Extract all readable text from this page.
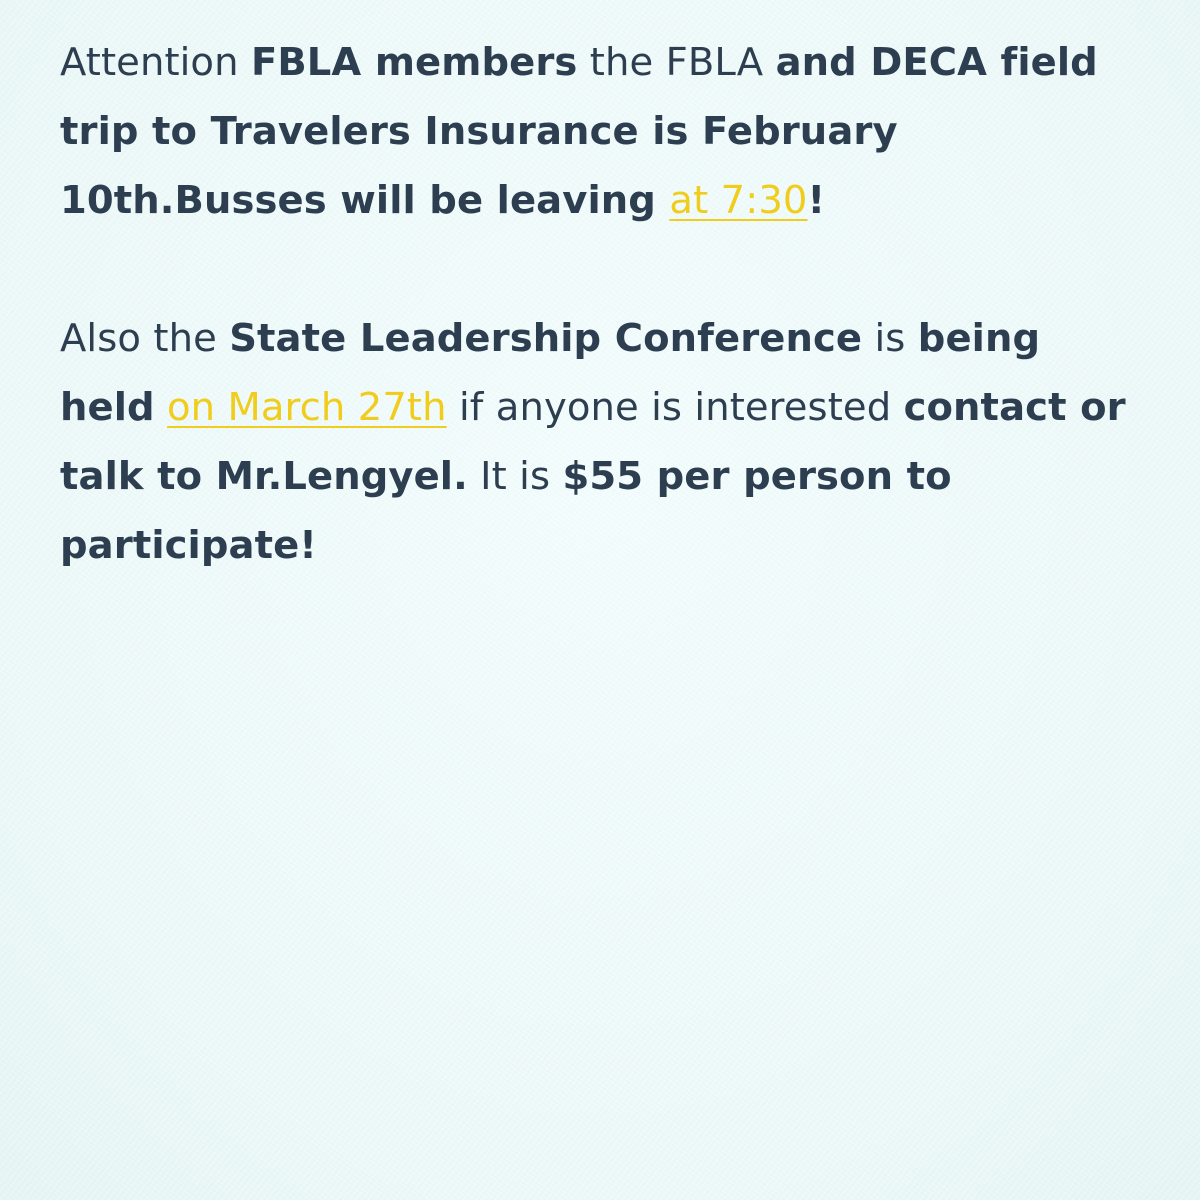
Attention FBLA members the FBLA and DECA field trip to Travelers Insurance is February 10th.Busses will be leaving at 7:30!

Also the State Leadership Conference is being held on March 27th if anyone is interested contact or talk to Mr.Lengyel. It is $55 per person to participate!
